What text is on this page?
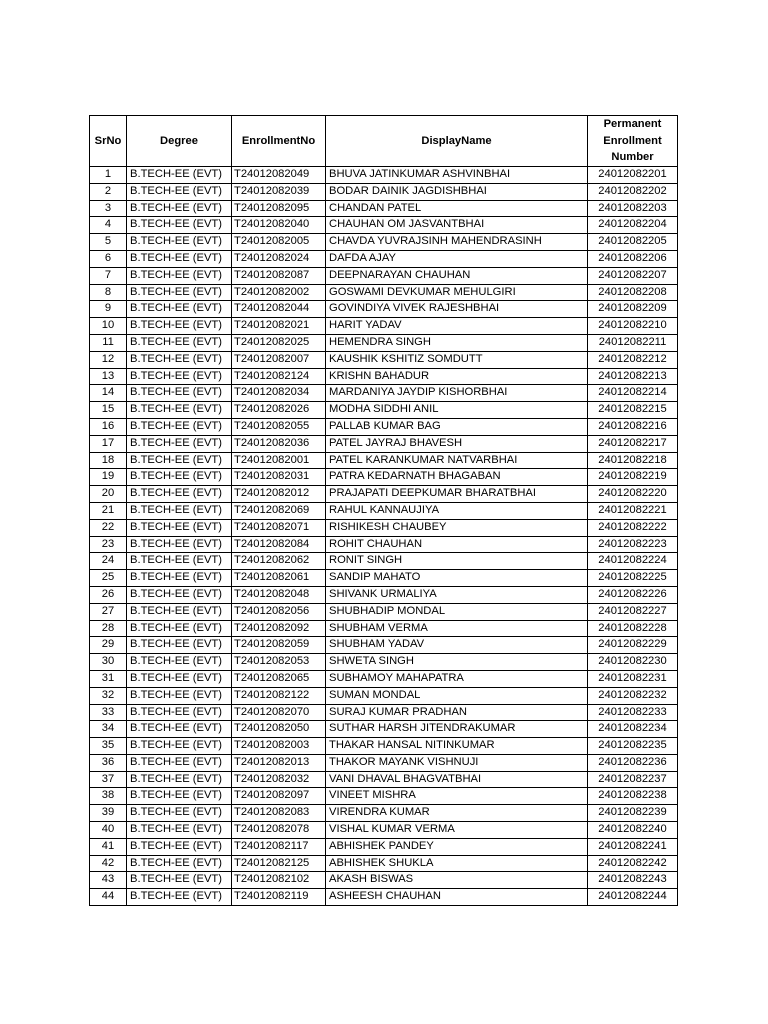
SrNo	Degree	EnrollmentNo	DisplayName	Permanent
Enrollment
Number

1	B.TECH-EE (EVT)	T24012082049	BHUVA JATINKUMAR ASHVINBHAI	24012082201
2	B.TECH-EE (EVT)	T24012082039	BODAR DAINIK JAGDISHBHAI	24012082202
3	B.TECH-EE (EVT)	T24012082095	CHANDAN PATEL	24012082203
4	B.TECH-EE (EVT)	T24012082040	CHAUHAN OM JASVANTBHAI	24012082204
5	B.TECH-EE (EVT)	T24012082005	CHAVDA YUVRAJSINH MAHENDRASINH	24012082205
6	B.TECH-EE (EVT)	T24012082024	DAFDA AJAY	24012082206
7	B.TECH-EE (EVT)	T24012082087	DEEPNARAYAN CHAUHAN	24012082207
8	B.TECH-EE (EVT)	T24012082002	GOSWAMI DEVKUMAR MEHULGIRI	24012082208
9	B.TECH-EE (EVT)	T24012082044	GOVINDIYA VIVEK RAJESHBHAI	24012082209
10	B.TECH-EE (EVT)	T24012082021	HARIT YADAV	24012082210
11	B.TECH-EE (EVT)	T24012082025	HEMENDRA SINGH	24012082211
12	B.TECH-EE (EVT)	T24012082007	KAUSHIK KSHITIZ SOMDUTT	24012082212
13	B.TECH-EE (EVT)	T24012082124	KRISHN BAHADUR	24012082213
14	B.TECH-EE (EVT)	T24012082034	MARDANIYA JAYDIP KISHORBHAI	24012082214
15	B.TECH-EE (EVT)	T24012082026	MODHA SIDDHI ANIL	24012082215
16	B.TECH-EE (EVT)	T24012082055	PALLAB KUMAR BAG	24012082216
17	B.TECH-EE (EVT)	T24012082036	PATEL JAYRAJ BHAVESH	24012082217
18	B.TECH-EE (EVT)	T24012082001	PATEL KARANKUMAR NATVARBHAI	24012082218
19	B.TECH-EE (EVT)	T24012082031	PATRA KEDARNATH BHAGABAN	24012082219
20	B.TECH-EE (EVT)	T24012082012	PRAJAPATI DEEPKUMAR BHARATBHAI	24012082220
21	B.TECH-EE (EVT)	T24012082069	RAHUL KANNAUJIYA	24012082221
22	B.TECH-EE (EVT)	T24012082071	RISHIKESH CHAUBEY	24012082222
23	B.TECH-EE (EVT)	T24012082084	ROHIT CHAUHAN	24012082223
24	B.TECH-EE (EVT)	T24012082062	RONIT SINGH	24012082224
25	B.TECH-EE (EVT)	T24012082061	SANDIP MAHATO	24012082225
26	B.TECH-EE (EVT)	T24012082048	SHIVANK URMALIYA	24012082226
27	B.TECH-EE (EVT)	T24012082056	SHUBHADIP MONDAL	24012082227
28	B.TECH-EE (EVT)	T24012082092	SHUBHAM VERMA	24012082228
29	B.TECH-EE (EVT)	T24012082059	SHUBHAM YADAV	24012082229
30	B.TECH-EE (EVT)	T24012082053	SHWETA SINGH	24012082230
31	B.TECH-EE (EVT)	T24012082065	SUBHAMOY MAHAPATRA	24012082231
32	B.TECH-EE (EVT)	T24012082122	SUMAN MONDAL	24012082232
33	B.TECH-EE (EVT)	T24012082070	SURAJ KUMAR PRADHAN	24012082233
34	B.TECH-EE (EVT)	T24012082050	SUTHAR HARSH JITENDRAKUMAR	24012082234
35	B.TECH-EE (EVT)	T24012082003	THAKAR HANSAL NITINKUMAR	24012082235
36	B.TECH-EE (EVT)	T24012082013	THAKOR MAYANK VISHNUJI	24012082236
37	B.TECH-EE (EVT)	T24012082032	VANI DHAVAL BHAGVATBHAI	24012082237
38	B.TECH-EE (EVT)	T24012082097	VINEET MISHRA	24012082238
39	B.TECH-EE (EVT)	T24012082083	VIRENDRA KUMAR	24012082239
40	B.TECH-EE (EVT)	T24012082078	VISHAL KUMAR VERMA	24012082240
41	B.TECH-EE (EVT)	T24012082117	ABHISHEK PANDEY	24012082241
42	B.TECH-EE (EVT)	T24012082125	ABHISHEK SHUKLA	24012082242
43	B.TECH-EE (EVT)	T24012082102	AKASH BISWAS	24012082243
44	B.TECH-EE (EVT)	T24012082119	ASHEESH CHAUHAN	24012082244
